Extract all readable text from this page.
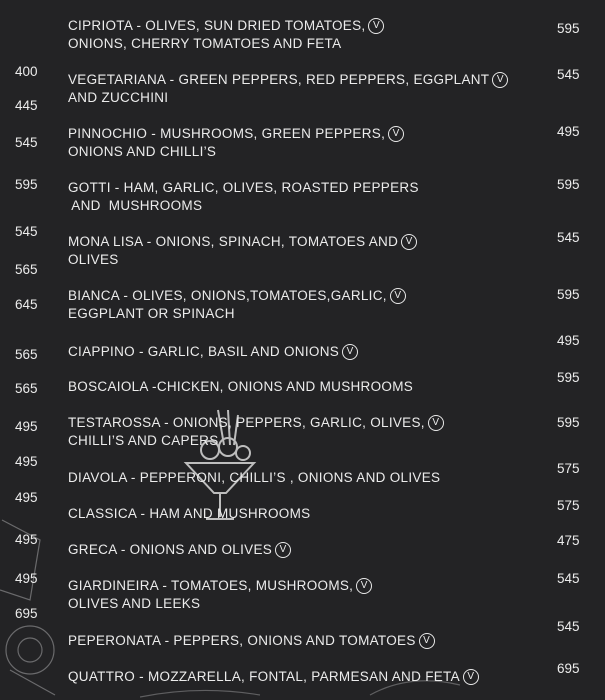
CIPRIOTA - OLIVES, SUN DRIED TOMATOES, V
ONIONS, CHERRY TOMATOES AND FETA
VEGETARIANA - GREEN PEPPERS, RED PEPPERS, EGGPLANT V
AND ZUCCHINI
PINNOCHIO - MUSHROOMS, GREEN PEPPERS, V
ONIONS AND CHILLI’S
GOTTI - HAM, GARLIC, OLIVES, ROASTED PEPPERS
AND  MUSHROOMS
MONA LISA - ONIONS, SPINACH, TOMATOES AND V
OLIVES
BIANCA - OLIVES, ONIONS,TOMATOES,GARLIC, V
EGGPLANT OR SPINACH
CIAPPINO - GARLIC, BASIL AND ONIONS V
BOSCAIOLA -CHICKEN, ONIONS AND MUSHROOMS
TESTAROSSA - ONIONS, PEPPERS, GARLIC, OLIVES, V
CHILLI’S AND CAPERS
DIAVOLA - PEPPERONI, CHILLI’S , ONIONS AND OLIVES
CLASSICA - HAM AND MUSHROOMS
GRECA - ONIONS AND OLIVES V
GIARDINEIRA - TOMATOES, MUSHROOMS, V
OLIVES AND LEEKS
PEPERONATA - PEPPERS, ONIONS AND TOMATOES V
QUATTRO - MOZZARELLA, FONTAL, PARMESAN AND FETA V
400
445
545
595
545
565
645
565
565
495
495
495
495
495
695
595
545
495
595
545
595
495
595
595
575
575
475
545
545
695
